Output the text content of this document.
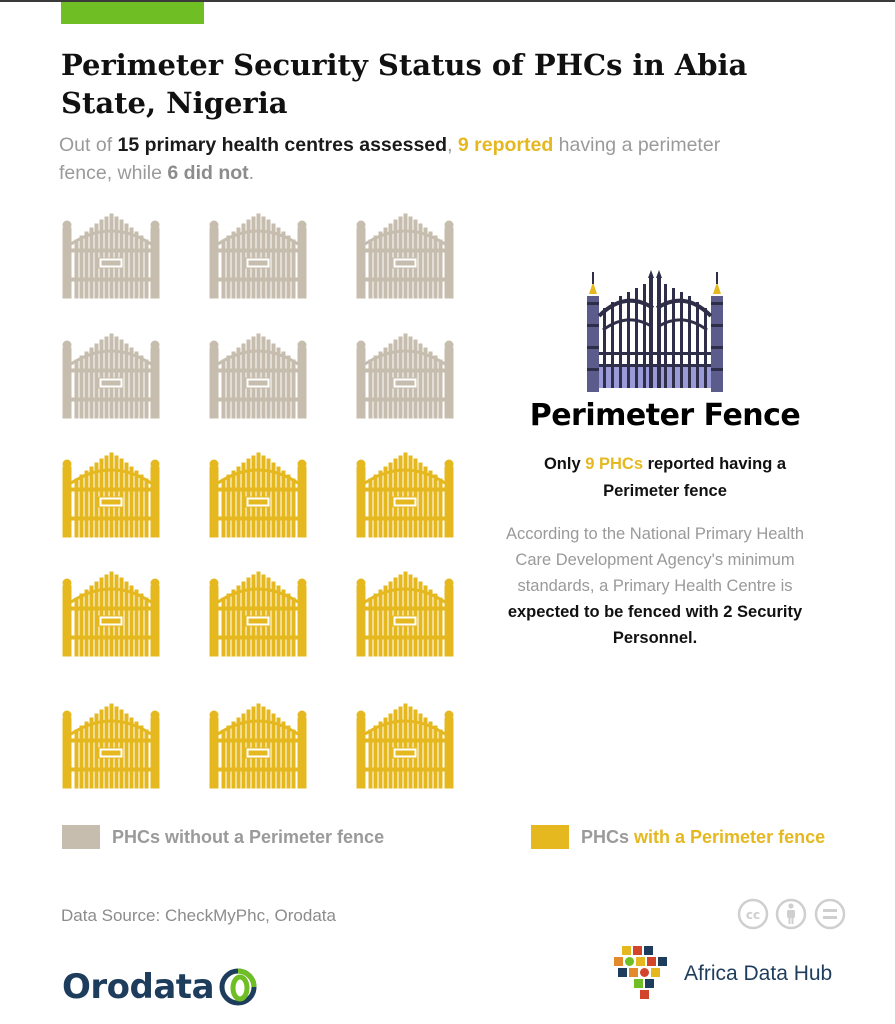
Perimeter Security Status of PHCs in Abia State, Nigeria

Out of 15 primary health centres assessed, 9 reported having a perimeter fence, while 6 did not.

Perimeter Fence

Only 9 PHCs reported having a Perimeter fence

According to the National Primary Health Care Development Agency's minimum standards, a Primary Health Centre is expected to be fenced with 2 Security Personnel.

PHCs without a Perimeter fence	PHCs with a Perimeter fence

Data Source: CheckMyPhc, Orodata	cc
Orodata	Africa Data Hub
